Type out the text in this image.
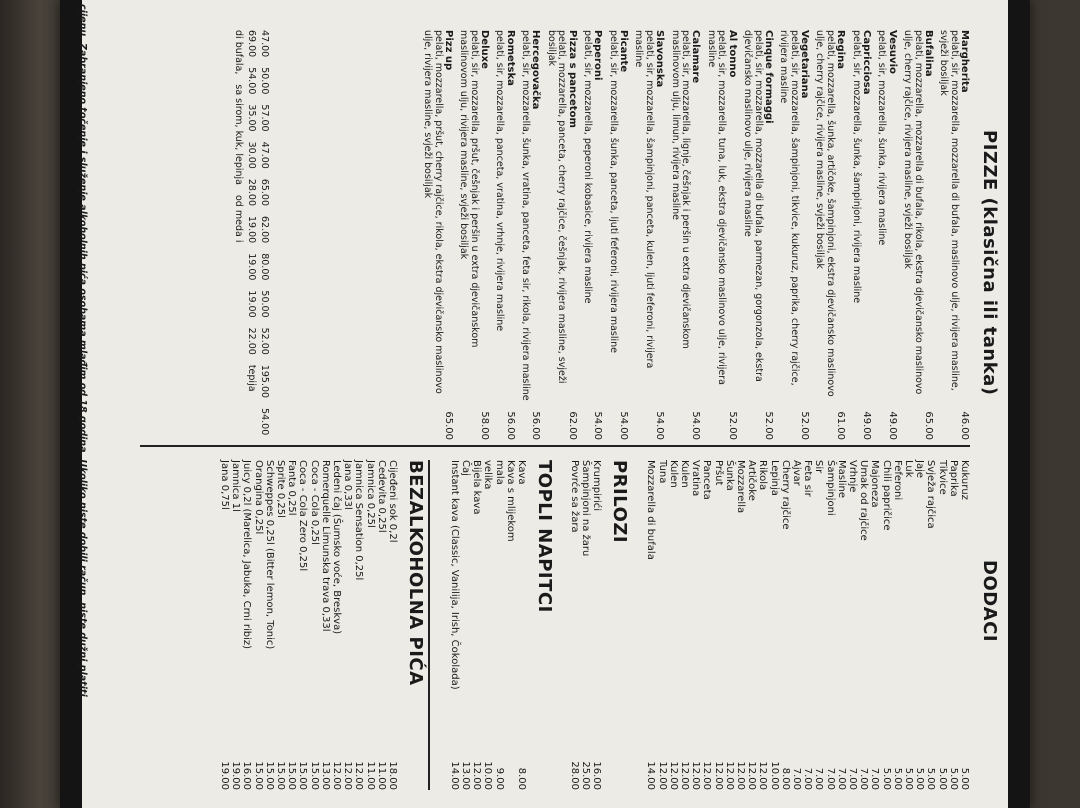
PIZZE (klasična ili tanka)
Margherita
pelati, sir, mozzarella, mozzarella di bufala, maslinovo ulje, rivijera masline, svježi bosiljak
46.00
Bufalina
pelati, mozzarella, mozzarella di bufala, rikola, ekstra djevičansko maslinovo ulje, cherry rajčice, rivijera masline, svježi bosiljak
65.00
Vesuvio
pelati, sir, mozzarella, šunka, rivijera masline
49.00
Capricciosa
pelati, sir, mozzarella, šunka, šampinjoni, rivijera masline
49.00
Regina
pelati, mozzarella, šunka, artičoke, šampinjoni, ekstra djevičansko maslinovo ulje, cherry rajčice, rivijera masline, svježi bosiljak
61.00
Vegetariana
pelati, sir, mozzarella, šampinjoni, tikvice, kukuruz, paprika, cherry rajčice, rivijera masline
52.00
Cinque formaggi
pelati, sir, mozzarella, mozzarella di bufala, parmezan, gorgonzola, ekstra djevičansko maslinovo ulje, rivijera masline
52.00
Al tonno
pelati, sir, mozzarella, tuna, luk, ekstra djevičansko maslinovo ulje, rivijera masline
52.00
Calamare
pelati, sir, mozzarella, lignje, češnjak i peršin u extra djevičanskom maslinovom ulju, limun, rivijera masline
54.00
Slavonska
pelati, sir, mozzarella, šampinjoni, panceta, kulen, ljuti feferoni, rivijera masline
54.00
Picante
pelati, sir, mozzarella, šunka, panceta, ljuti feferoni, rivijera masline
54.00
Peperoni
pelati, sir, mozzarella, peperoni kobasice, rivijera masline
54.00
Pizza s pancetom
pelati, mozzarella, panceta, cherry rajčice, češnjak, rivijera masline, svježi bosiljak
62.00
Hercegovačka
pelati, sir, mozzarella, šunka, vratina, panceta, feta sir, rikola, rivijera masline
56.00
Rometska
pelati, sir, mozzarella, panceta, vratina, vrhnje, rivijera masline
56.00
Deluxe
pelati, sir, mozzarella, pršut, češnjak i peršin u extra djevičanskom maslinovom ulju, rivijera masline, svježi bosiljak
58.00
Pizz up
pelati, mozzarella, pršut, cherry rajčice, rikola, ekstra djevičansko maslinovo ulje, rivijera masline, svježi bosiljak
65.00
DODACI
Kukuruz
5.00
Paprika
5.00
Tikvice
5.00
Svježa rajčica
5.00
Jaje
5.00
Luk
5.00
Feferoni
5.00
Chili papričice
5.00
Majoneza
7.00
Umak od rajčice
7.00
Vrhnje
7.00
Masline
7.00
Šampinjoni
7.00
Sir
7.00
Feta sir
7.00
Ajvar
7.00
Cherry rajčice
8.00
Lepinja
10.00
Rikola
12.00
Artičoke
12.00
Mozzarella
12.00
Šunka
12.00
Pršut
12.00
Panceta
12.00
Vratina
12.00
Kulen
12.00
Kulen
12.00
Tuna
12.00
Mozzarella di bufala
14.00
PRILOZI
Krumpirići
16.00
Šampinjoni na žaru
25.00
Povrće sa žara
28.00
TOPLI NAPITCI
Kava
8.00
Kava s mlijekom
mala
9.00
velika
10.00
Bijela kava
12.00
Čaj
13.00
Instant kava (Classic, Vanilija, Irish, Čokolada)
14.00
BEZALKOHOLNA PIĆA
Cijeđeni sok 0,2l
18.00
Cedevita 0,25l
11.00
Jamnica 0,25l
11.00
Jamnica Sensation 0,25l
12.00
Jana 0,33l
12.00
Ledeni čaj (Šumsko voće, Breskva)
12.00
Romerquelle Limunska trava 0,33l
13.00
Coca - Cola 0,25l
15.00
Coca - Cola Zero 0,25l
15.00
Fanta 0,25l
15.00
Sprite 0,25l
15.00
Schweppes 0,25l (Bitter lemon, Tonic)
15.00
Orangina 0,25l
15.00
Juicy 0,2l (Marelica, Jabuka, Crni ribiz)
16.00
Jamnica 1l
19.00
Jana 0,75l
19.00
47.00
50.00
57.00
47.00
65.00
62.00
80.00
50.00
52.00
195.00
54.00
69.00
54.00
35.00
30.00
28.00
19.00
19.00
19.00
22.00
tepija
di bufala,
sa sirom, kuk, lepinja
od meda i
cijenu. Zabranjeno točenje i služenje alkoholnih pića osobama mlađim od 18 godina. Ukoliko niste dobili račun, niste dužni platiti.
